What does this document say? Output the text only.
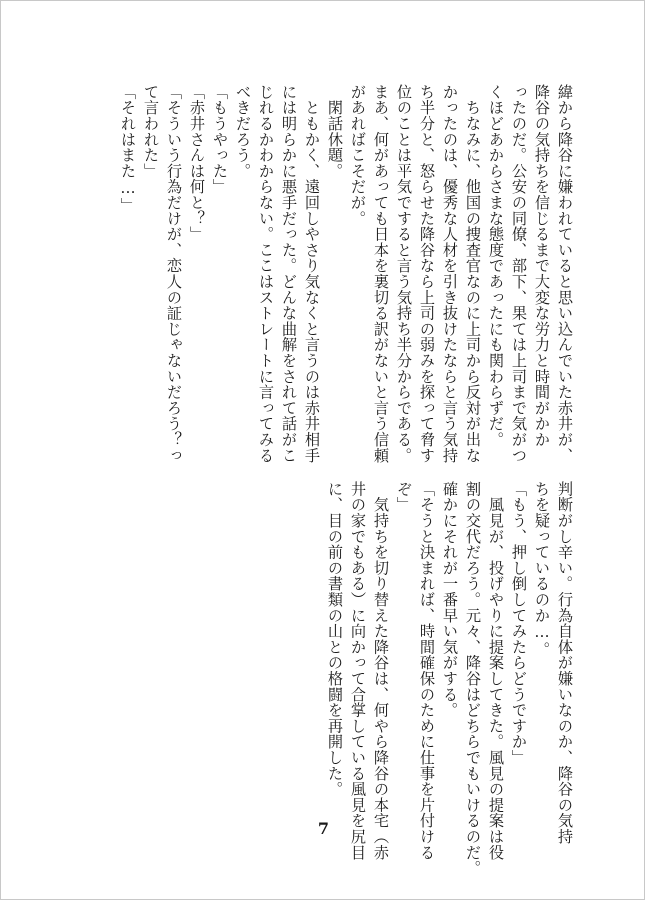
緯から降谷に嫌われていると思い込んでいた赤井が、

降谷の気持ちを信じるまで大変な労力と時間がかか

ったのだ。公安の同僚、部下、果ては上司まで気がつ

くほどあからさまな態度であったにも関わらずだ。

　ちなみに、他国の捜査官なのに上司から反対が出な

かったのは、優秀な人材を引き抜けたならと言う気持

ち半分と、怒らせた降谷なら上司の弱みを探って脅す

位のことは平気ですると言う気持ち半分からである。

まあ、何があっても日本を裏切る訳がないと言う信頼

があればこそだが。

　閑話休題。

　ともかく、遠回しやさり気なくと言うのは赤井相手

には明らかに悪手だった。どんな曲解をされて話がこ

じれるかわからない。ここはストレートに言ってみる

べきだろう。

「もうやった」

「赤井さんは何と？」

「そういう行為だけが、恋人の証じゃないだろう？っ

て言われた」

「それはまた…」

判断がし辛い。行為自体が嫌いなのか、降谷の気持

ちを疑っているのか…。

「もう、押し倒してみたらどうですか」

　風見が、投げやりに提案してきた。風見の提案は役

割の交代だろう。元々、降谷はどちらでもいけるのだ。

確かにそれが一番早い気がする。

「そうと決まれば、時間確保のために仕事を片付ける

ぞ」

　気持ちを切り替えた降谷は、何やら降谷の本宅（赤

井の家でもある）に向かって合掌している風見を尻目

に、目の前の書類の山との格闘を再開した。

7
